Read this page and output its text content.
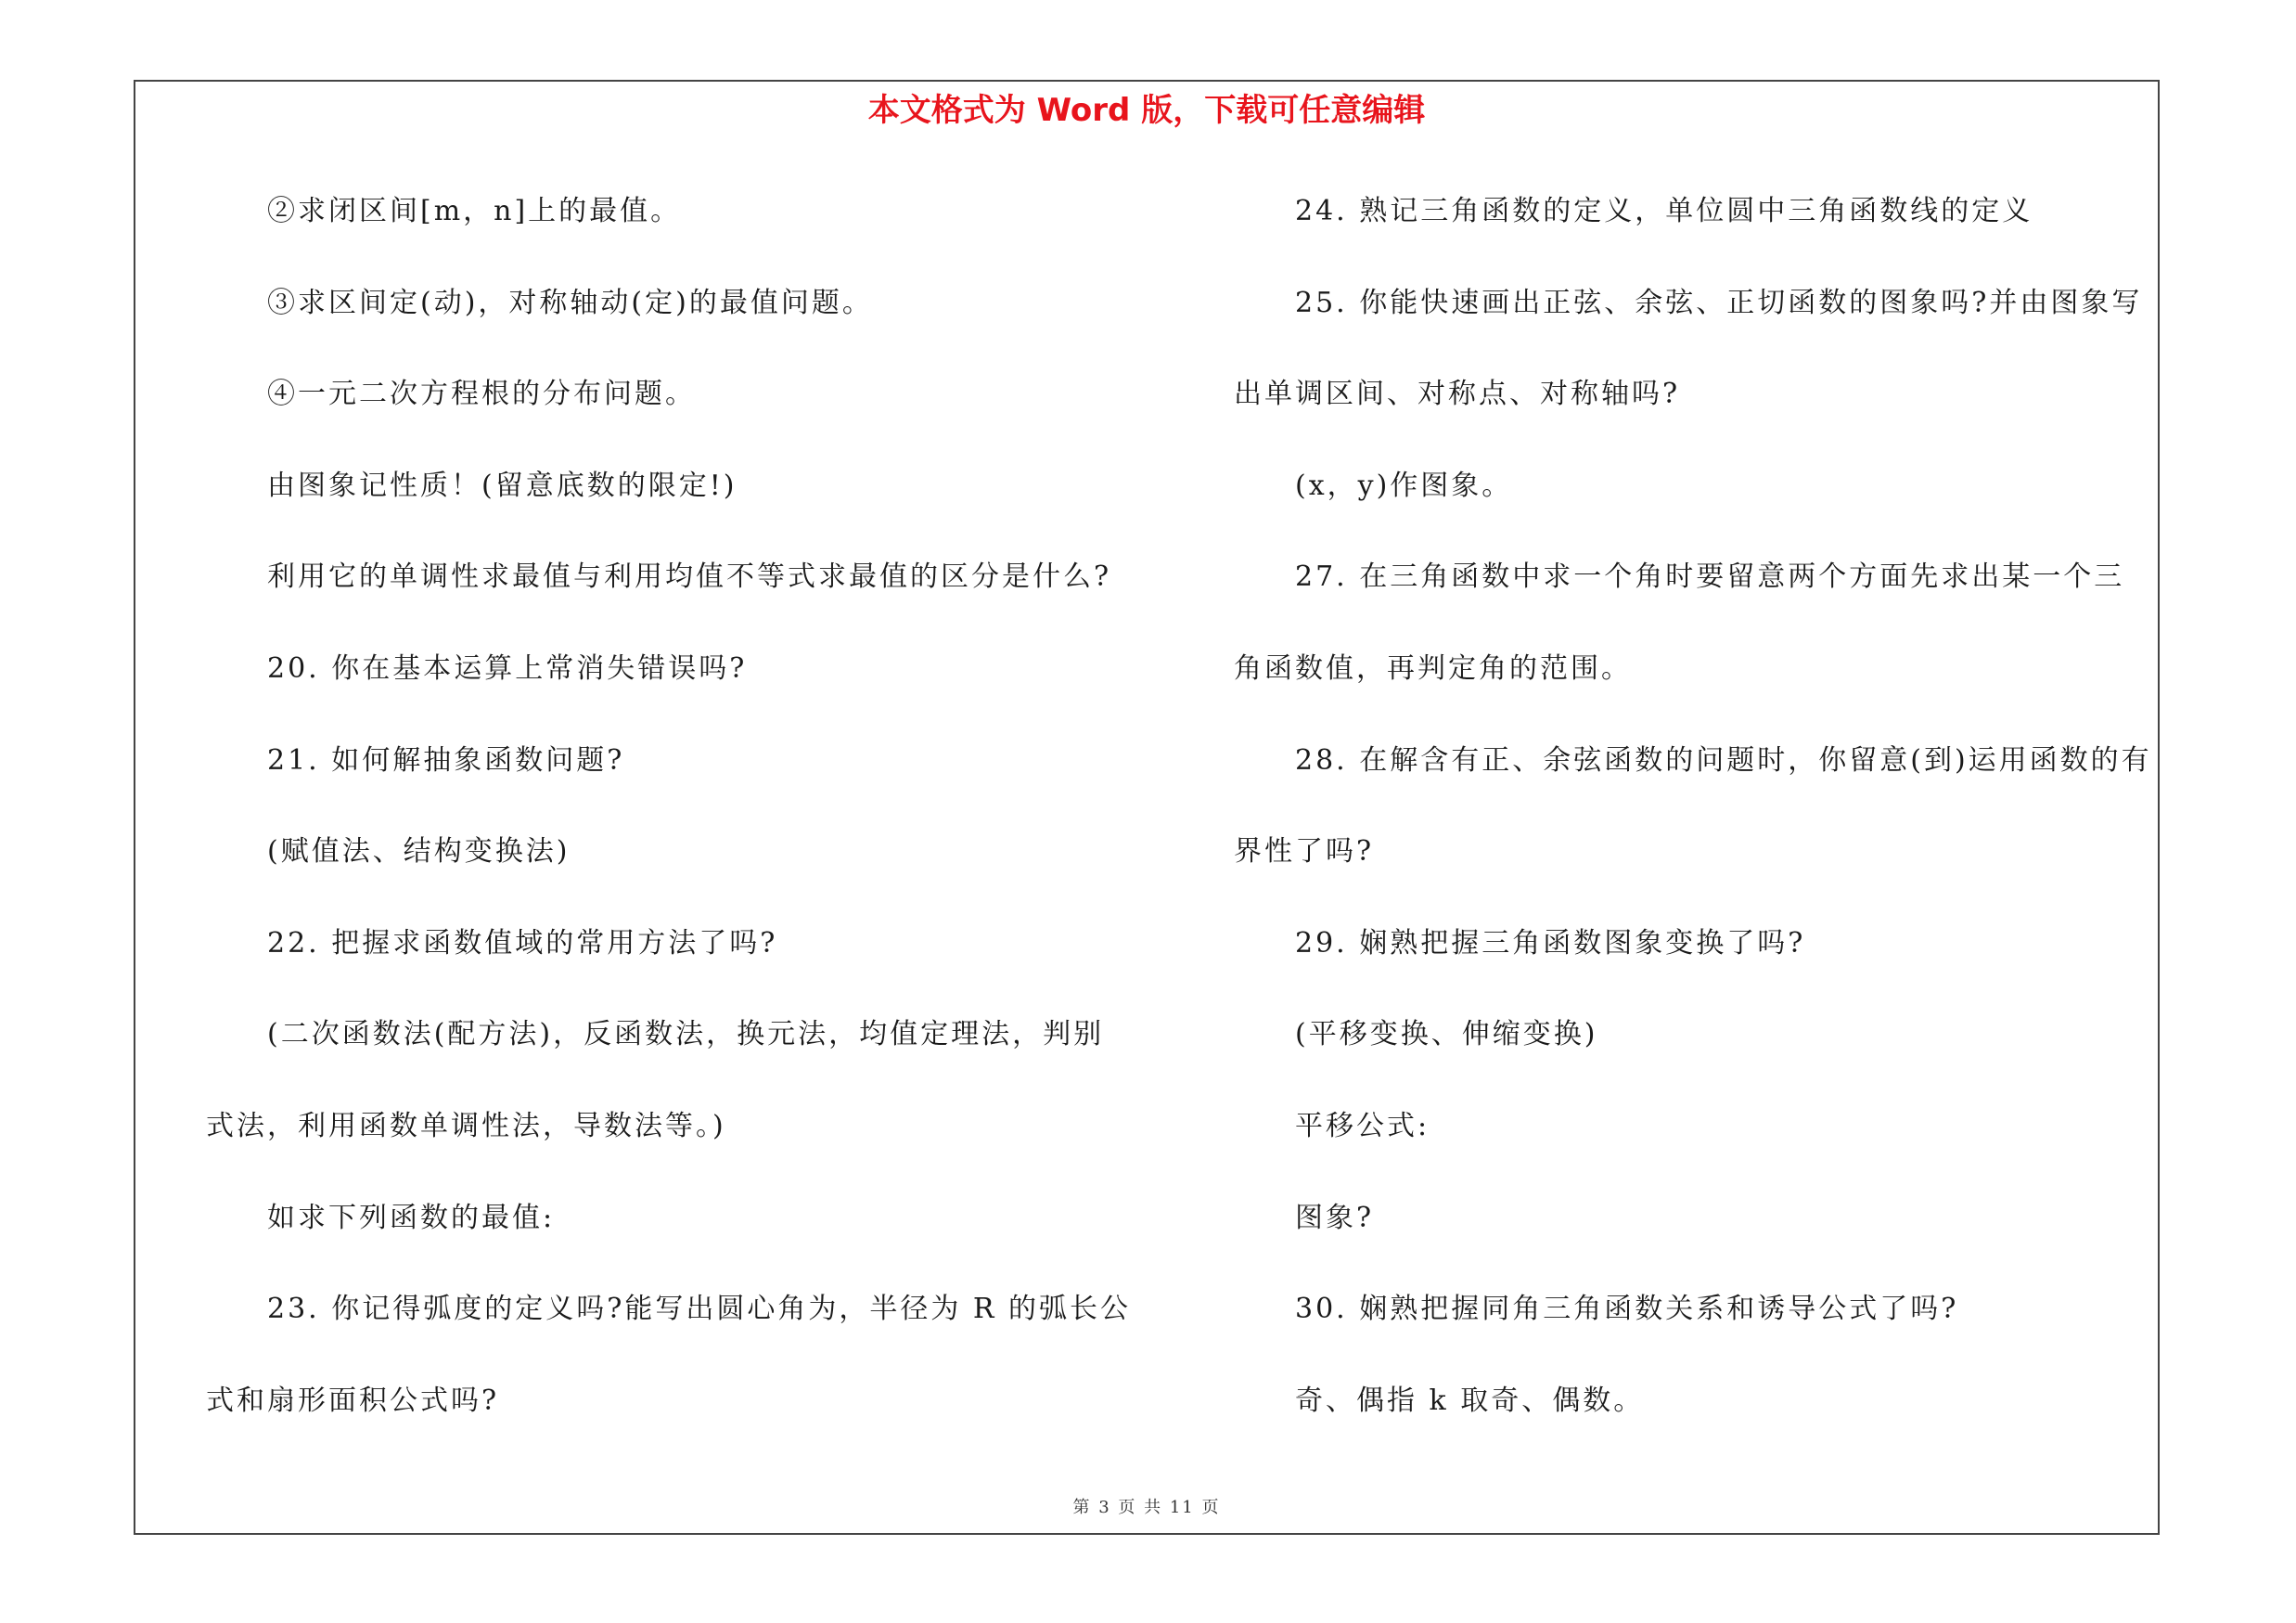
本文格式为 Word 版，下载可任意编辑
②求闭区间[m，n]上的最值。
③求区间定(动)，对称轴动(定)的最值问题。
④一元二次方程根的分布问题。
由图象记性质！(留意底数的限定!)
利用它的单调性求最值与利用均值不等式求最值的区分是什么?
20. 你在基本运算上常消失错误吗?
21. 如何解抽象函数问题?
(赋值法、结构变换法)
22. 把握求函数值域的常用方法了吗?
(二次函数法(配方法)，反函数法，换元法，均值定理法，判别
式法，利用函数单调性法，导数法等。)
如求下列函数的最值:
23. 你记得弧度的定义吗?能写出圆心角为，半径为 R 的弧长公
式和扇形面积公式吗?
24. 熟记三角函数的定义，单位圆中三角函数线的定义
25. 你能快速画出正弦、余弦、正切函数的图象吗?并由图象写
出单调区间、对称点、对称轴吗?
(x，y)作图象。
27. 在三角函数中求一个角时要留意两个方面先求出某一个三
角函数值，再判定角的范围。
28. 在解含有正、余弦函数的问题时，你留意(到)运用函数的有
界性了吗?
29. 娴熟把握三角函数图象变换了吗?
(平移变换、伸缩变换)
平移公式:
图象?
30. 娴熟把握同角三角函数关系和诱导公式了吗?
奇、偶指 k 取奇、偶数。
第 3 页 共 11 页
